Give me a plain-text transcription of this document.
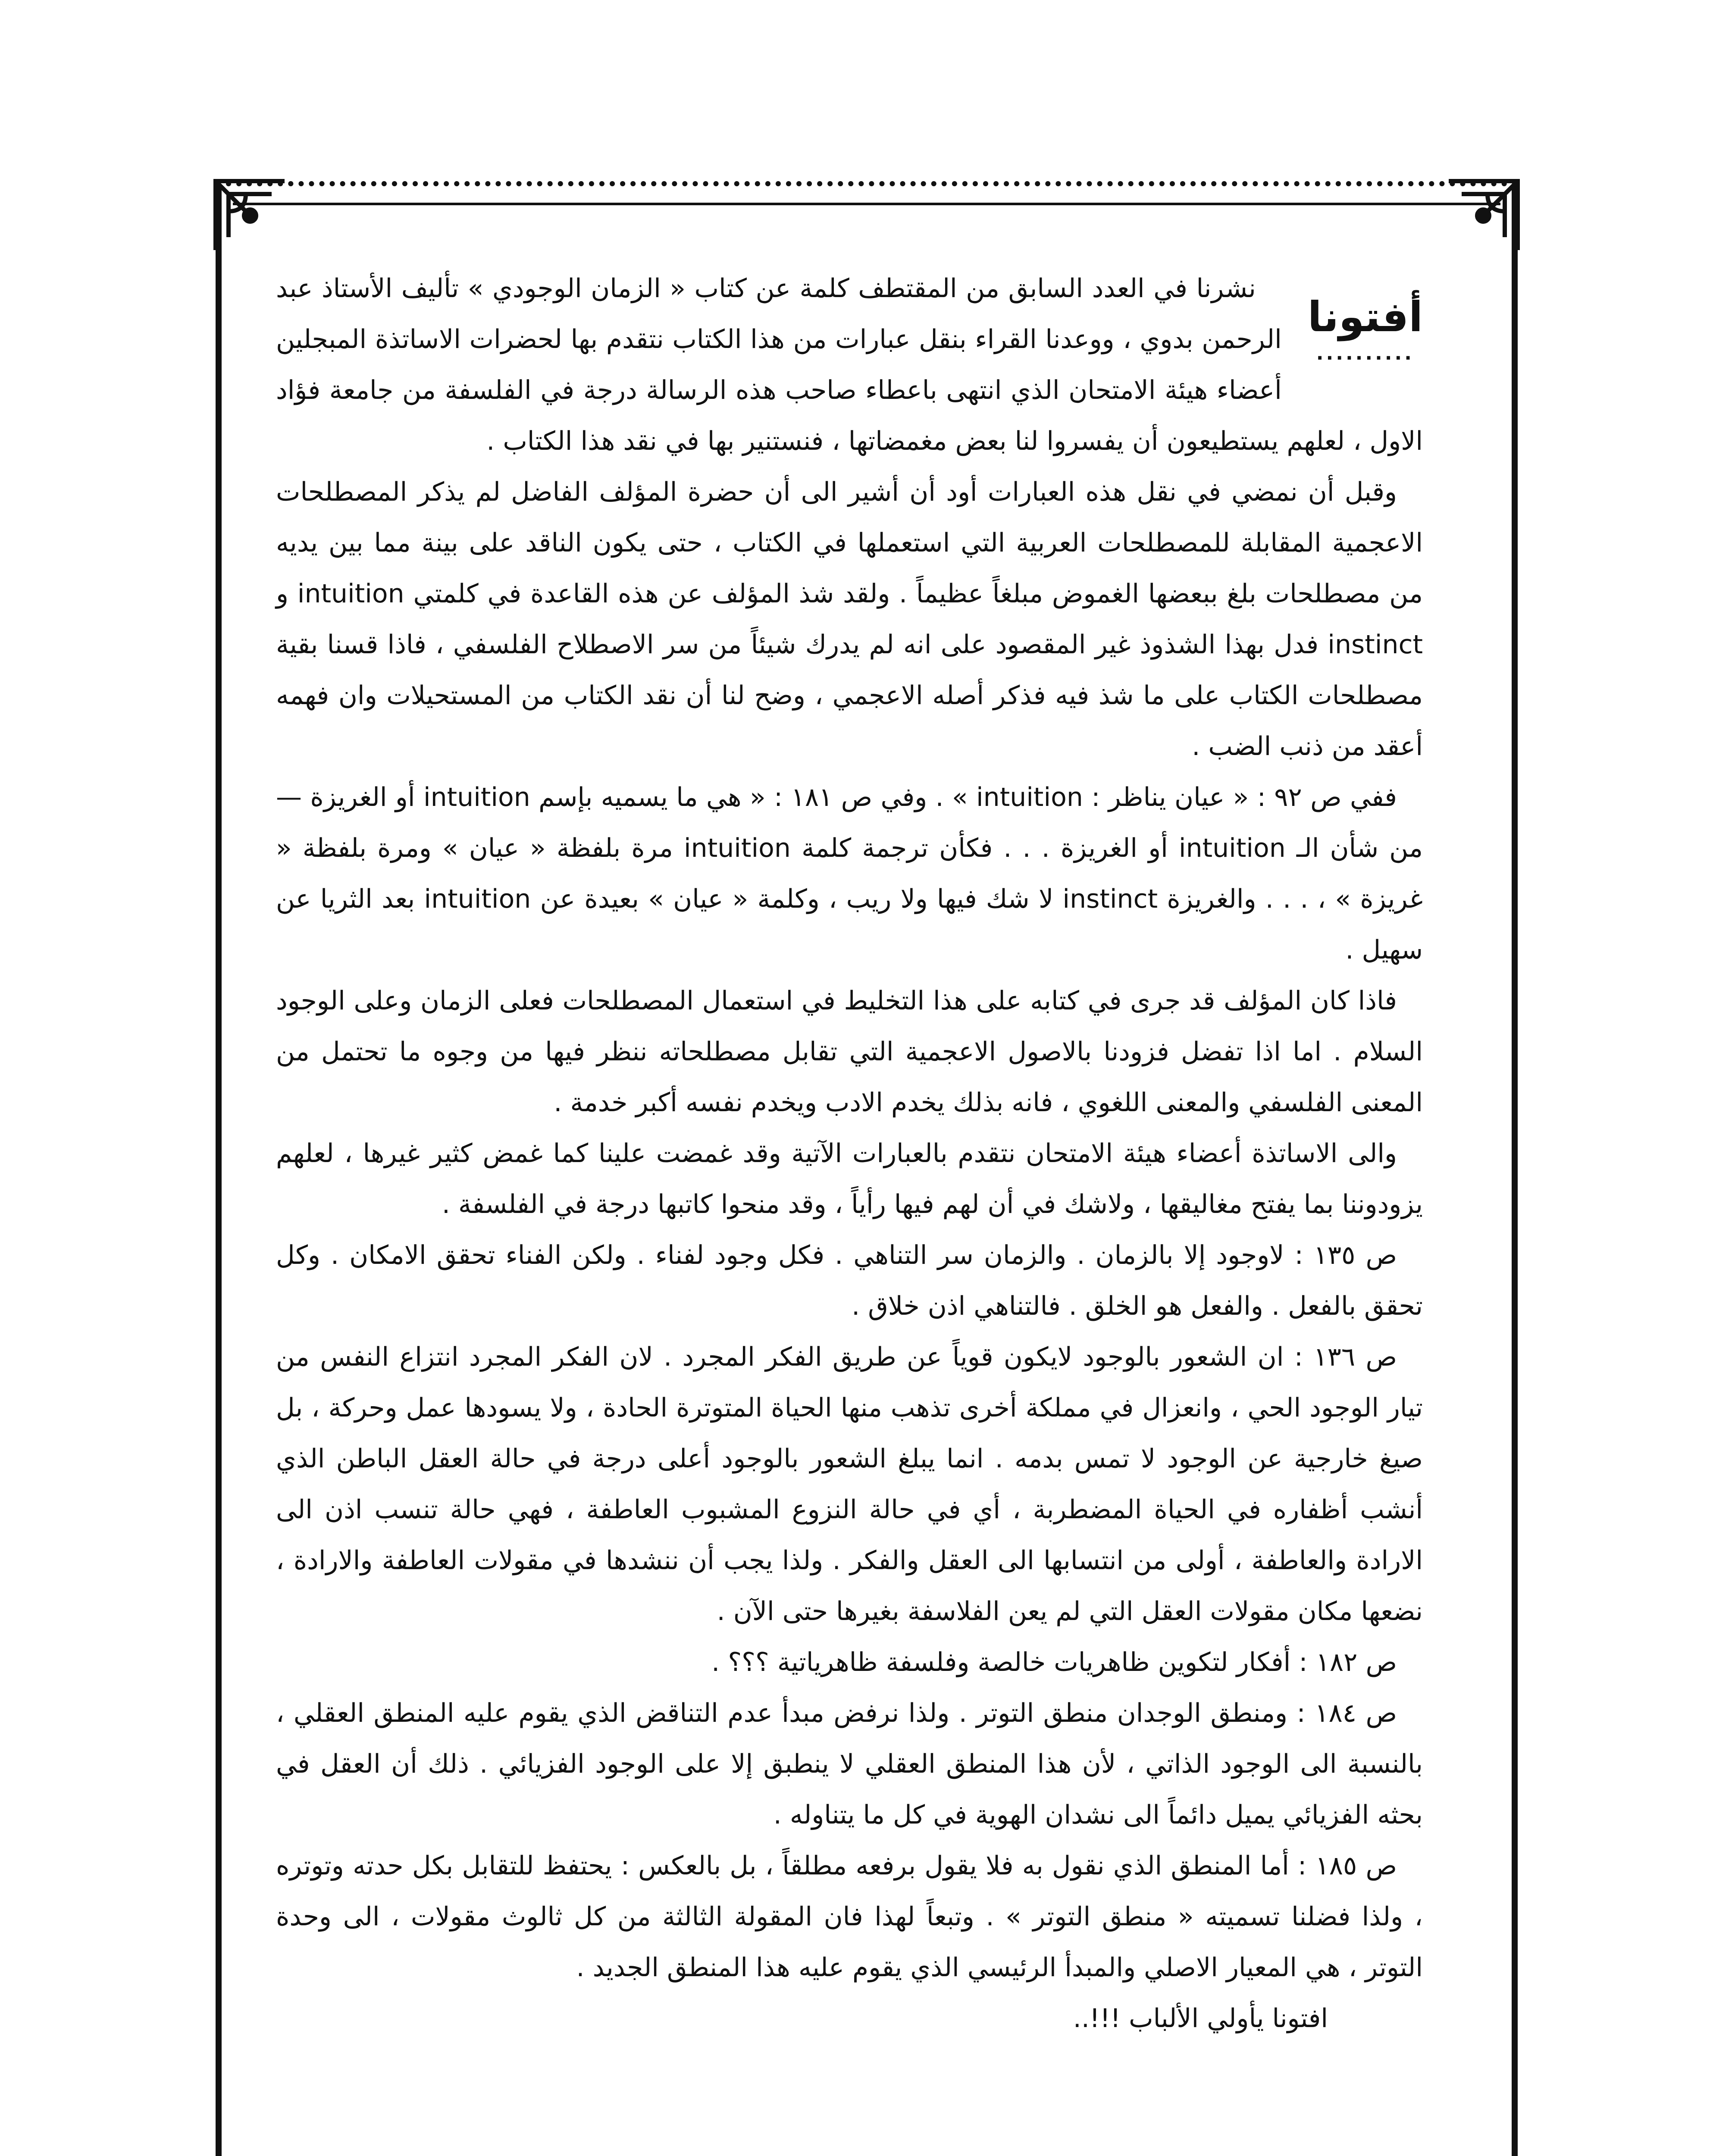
أفتونا
..........

نشرنا في العدد السابق من المقتطف كلمة عن كتاب « الزمان الوجودي » تأليف الأستاذ عبد الرحمن بدوي ، ووعدنا القراء بنقل عبارات من هذا الكتاب نتقدم بها لحضرات الاساتذة المبجلين أعضاء هيئة الامتحان الذي انتهى باعطاء صاحب هذه الرسالة درجة في الفلسفة من جامعة فؤاد الاول ، لعلهم يستطيعون أن يفسروا لنا بعض مغمضاتها ، فنستنير بها في نقد هذا الكتاب .

وقبل أن نمضي في نقل هذه العبارات أود أن أشير الى أن حضرة المؤلف الفاضل لم يذكر المصطلحات الاعجمية المقابلة للمصطلحات العربية التي استعملها في الكتاب ، حتى يكون الناقد على بينة مما بين يديه من مصطلحات بلغ ببعضها الغموض مبلغاً عظيماً . ولقد شذ المؤلف عن هذه القاعدة في كلمتي intuition و instinct فدل بهذا الشذوذ غير المقصود على انه لم يدرك شيئاً من سر الاصطلاح الفلسفي ، فاذا قسنا بقية مصطلحات الكتاب على ما شذ فيه فذكر أصله الاعجمي ، وضح لنا أن نقد الكتاب من المستحيلات وان فهمه أعقد من ذنب الضب .

ففي ص ٩٢ : « عيان يناظر : intuition » . وفي ص ١٨١ : « هي ما يسميه بإسم intuition أو الغريزة — من شأن الـ intuition أو الغريزة . . . فكأن ترجمة كلمة intuition مرة بلفظة « عيان » ومرة بلفظة « غريزة » ، . . . والغريزة instinct لا شك فيها ولا ريب ، وكلمة « عيان » بعيدة عن intuition بعد الثريا عن سهيل .

فاذا كان المؤلف قد جرى في كتابه على هذا التخليط في استعمال المصطلحات فعلى الزمان وعلى الوجود السلام . اما اذا تفضل فزودنا بالاصول الاعجمية التي تقابل مصطلحاته ننظر فيها من وجوه ما تحتمل من المعنى الفلسفي والمعنى اللغوي ، فانه بذلك يخدم الادب ويخدم نفسه أكبر خدمة .

والى الاساتذة أعضاء هيئة الامتحان نتقدم بالعبارات الآتية وقد غمضت علينا كما غمض كثير غيرها ، لعلهم يزودوننا بما يفتح مغاليقها ، ولاشك في أن لهم فيها رأياً ، وقد منحوا كاتبها درجة في الفلسفة .

ص ١٣٥ : لاوجود إلا بالزمان . والزمان سر التناهي . فكل وجود لفناء . ولكن الفناء تحقق الامكان . وكل تحقق بالفعل . والفعل هو الخلق . فالتناهي اذن خلاق .

ص ١٣٦ : ان الشعور بالوجود لايكون قوياً عن طريق الفكر المجرد . لان الفكر المجرد انتزاع النفس من تيار الوجود الحي ، وانعزال في مملكة أخرى تذهب منها الحياة المتوترة الحادة ، ولا يسودها عمل وحركة ، بل صيغ خارجية عن الوجود لا تمس بدمه . انما يبلغ الشعور بالوجود أعلى درجة في حالة العقل الباطن الذي أنشب أظفاره في الحياة المضطربة ، أي في حالة النزوع المشبوب العاطفة ، فهي حالة تنسب اذن الى الارادة والعاطفة ، أولى من انتسابها الى العقل والفكر . ولذا يجب أن ننشدها في مقولات العاطفة والارادة ، نضعها مكان مقولات العقل التي لم يعن الفلاسفة بغيرها حتى الآن .

ص ١٨٢ : أفكار لتكوين ظاهريات خالصة وفلسفة ظاهرياتية ؟؟؟ .

ص ١٨٤ : ومنطق الوجدان منطق التوتر . ولذا نرفض مبدأ عدم التناقض الذي يقوم عليه المنطق العقلي ، بالنسبة الى الوجود الذاتي ، لأن هذا المنطق العقلي لا ينطبق إلا على الوجود الفزيائي . ذلك أن العقل في بحثه الفزيائي يميل دائماً الى نشدان الهوية في كل ما يتناوله .

ص ١٨٥ : أما المنطق الذي نقول به فلا يقول برفعه مطلقاً ، بل بالعكس : يحتفظ للتقابل بكل حدته وتوتره ، ولذا فضلنا تسميته « منطق التوتر » . وتبعاً لهذا فان المقولة الثالثة من كل ثالوث مقولات ، الى وحدة التوتر ، هي المعيار الاصلي والمبدأ الرئيسي الذي يقوم عليه هذا المنطق الجديد .

افتونا يأولي الألباب !!!..
